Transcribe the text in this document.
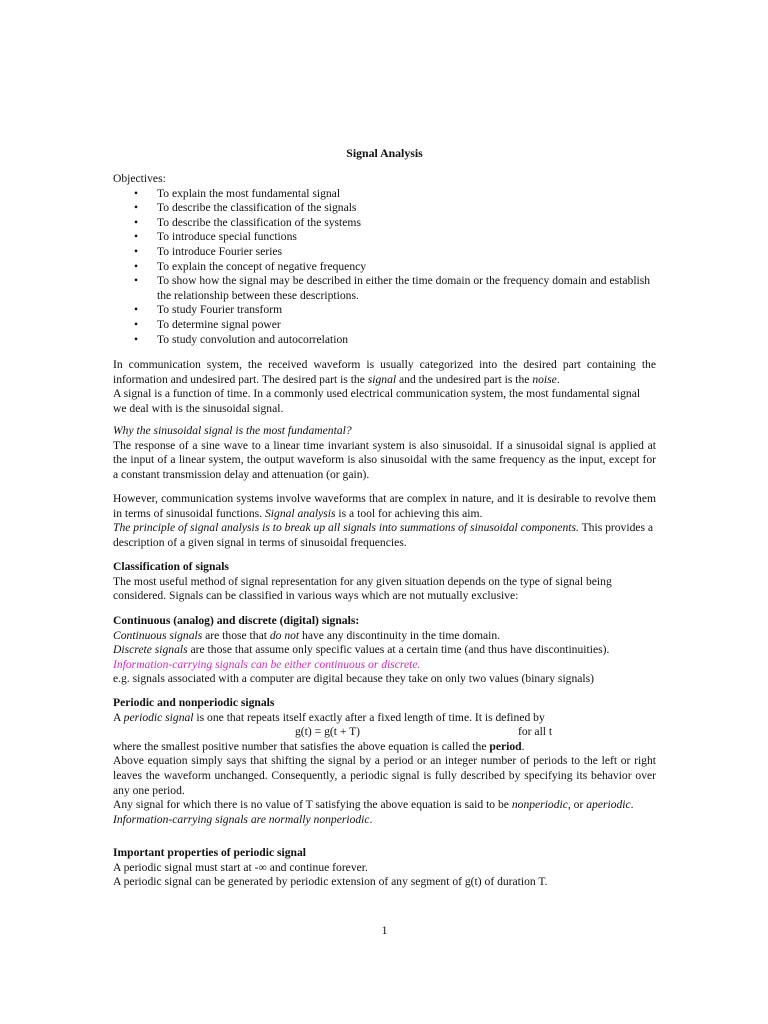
Signal Analysis

Objectives:

• To explain the most fundamental signal
• To describe the classification of the signals
• To describe the classification of the systems
• To introduce special functions
• To introduce Fourier series
• To explain the concept of negative frequency
• To show how the signal may be described in either the time domain or the frequency domain and establish the relationship between these descriptions.
• To study Fourier transform
• To determine signal power
• To study convolution and autocorrelation

In communication system, the received waveform is usually categorized into the desired part containing the information and undesired part. The desired part is the signal and the undesired part is the noise.

A signal is a function of time. In a commonly used electrical communication system, the most fundamental signal we deal with is the sinusoidal signal.

Why the sinusoidal signal is the most fundamental?

The response of a sine wave to a linear time invariant system is also sinusoidal. If a sinusoidal signal is applied at the input of a linear system, the output waveform is also sinusoidal with the same frequency as the input, except for a constant transmission delay and attenuation (or gain).

However, communication systems involve waveforms that are complex in nature, and it is desirable to revolve them in terms of sinusoidal functions. Signal analysis is a tool for achieving this aim.

The principle of signal analysis is to break up all signals into summations of sinusoidal components. This provides a description of a given signal in terms of sinusoidal frequencies.

Classification of signals

The most useful method of signal representation for any given situation depends on the type of signal being considered. Signals can be classified in various ways which are not mutually exclusive:

Continuous (analog) and discrete (digital) signals:

Continuous signals are those that do not have any discontinuity in the time domain.

Discrete signals are those that assume only specific values at a certain time (and thus have discontinuities).

Information-carrying signals can be either continuous or discrete.

e.g. signals associated with a computer are digital because they take on only two values (binary signals)

Periodic and nonperiodic signals

A periodic signal is one that repeats itself exactly after a fixed length of time. It is defined by

g(t) = g(t + T)	for all t

where the smallest positive number that satisfies the above equation is called the period.

Above equation simply says that shifting the signal by a period or an integer number of periods to the left or right leaves the waveform unchanged. Consequently, a periodic signal is fully described by specifying its behavior over any one period.

Any signal for which there is no value of T satisfying the above equation is said to be nonperiodic, or aperiodic.

Information-carrying signals are normally nonperiodic.

Important properties of periodic signal

A periodic signal must start at -∞ and continue forever.

A periodic signal can be generated by periodic extension of any segment of g(t) of duration T.

1
